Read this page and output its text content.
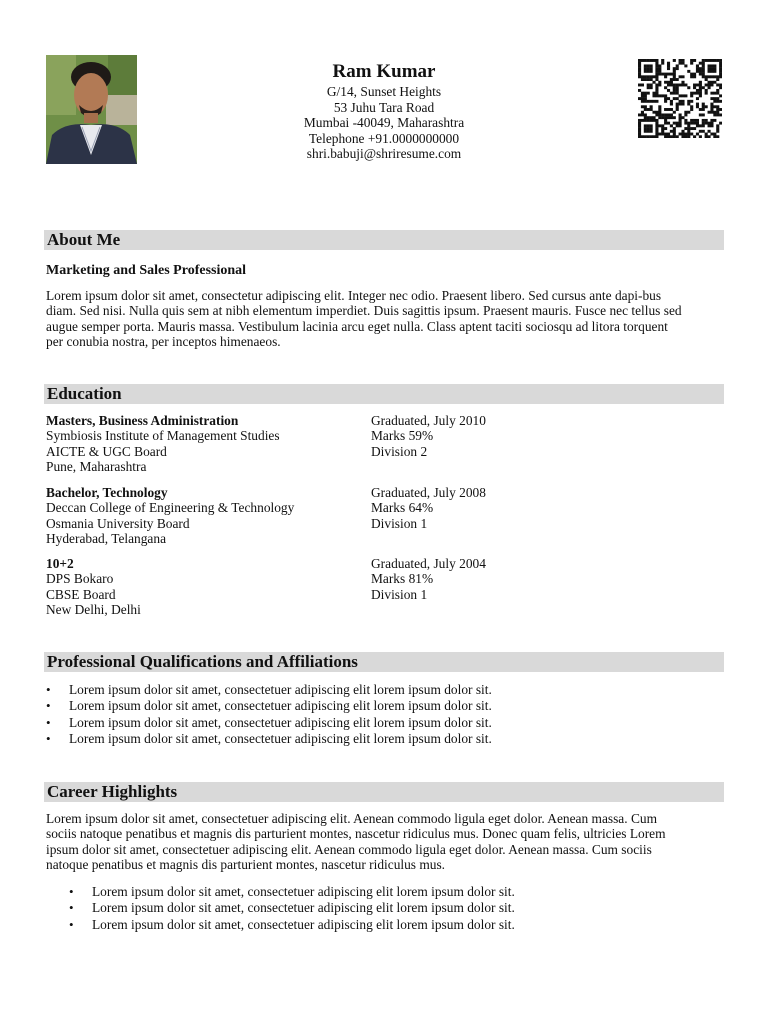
Ram Kumar
G/14, Sunset Heights
53 Juhu Tara Road
Mumbai -40049, Maharashtra
Telephone +91.0000000000
shri.babuji@shriresume.com
About Me
Marketing and Sales Professional
Lorem ipsum dolor sit amet, consectetur adipiscing elit. Integer nec odio. Praesent libero. Sed cursus ante dapi-bus
diam. Sed nisi. Nulla quis sem at nibh elementum imperdiet. Duis sagittis ipsum. Praesent mauris. Fusce nec tellus sed
augue semper porta. Mauris massa. Vestibulum lacinia arcu eget nulla. Class aptent taciti sociosqu ad litora torquent
per conubia nostra, per inceptos himenaeos.
Education
Masters, Business Administration
Symbiosis Institute of Management Studies
AICTE & UGC Board
Pune, Maharashtra
Graduated, July 2010
Marks 59%
Division 2
Bachelor, Technology
Deccan College of Engineering & Technology
Osmania University Board
Hyderabad, Telangana
Graduated, July 2008
Marks 64%
Division 1
10+2
DPS Bokaro
CBSE Board
New Delhi, Delhi
Graduated, July 2004
Marks 81%
Division 1
Professional Qualifications and Affiliations
• Lorem ipsum dolor sit amet, consectetuer adipiscing elit lorem ipsum dolor sit.
• Lorem ipsum dolor sit amet, consectetuer adipiscing elit lorem ipsum dolor sit.
• Lorem ipsum dolor sit amet, consectetuer adipiscing elit lorem ipsum dolor sit.
• Lorem ipsum dolor sit amet, consectetuer adipiscing elit lorem ipsum dolor sit.
Career Highlights
Lorem ipsum dolor sit amet, consectetuer adipiscing elit. Aenean commodo ligula eget dolor. Aenean massa. Cum
sociis natoque penatibus et magnis dis parturient montes, nascetur ridiculus mus. Donec quam felis, ultricies Lorem
ipsum dolor sit amet, consectetuer adipiscing elit. Aenean commodo ligula eget dolor. Aenean massa. Cum sociis
natoque penatibus et magnis dis parturient montes, nascetur ridiculus mus.
• Lorem ipsum dolor sit amet, consectetuer adipiscing elit lorem ipsum dolor sit.
• Lorem ipsum dolor sit amet, consectetuer adipiscing elit lorem ipsum dolor sit.
• Lorem ipsum dolor sit amet, consectetuer adipiscing elit lorem ipsum dolor sit.
